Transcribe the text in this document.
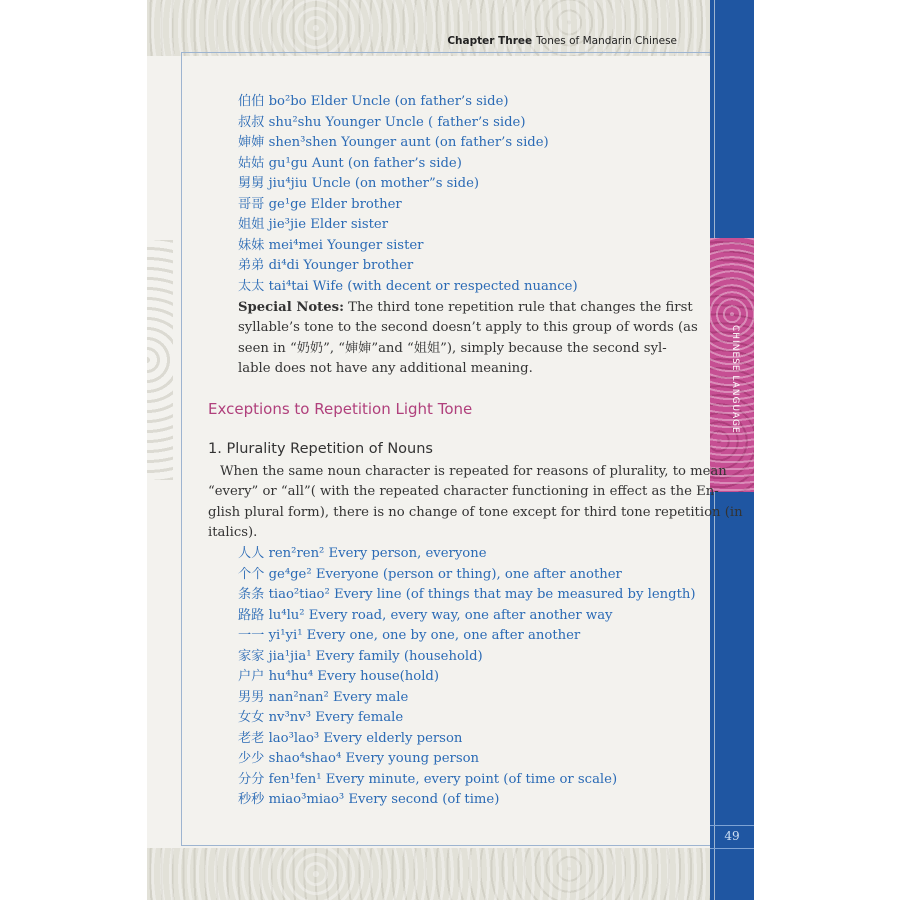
Chapter Three Tones of Mandarin Chinese
CHINESE LANGUAGE
49
伯伯 bo²bo Elder Uncle (on father’s side)
叔叔 shu²shu Younger Uncle ( father’s side)
婶婶 shen³shen Younger aunt (on father’s side)
姑姑 gu¹gu Aunt (on father’s side)
舅舅 jiu⁴jiu Uncle (on mother”s side)
哥哥 ge¹ge Elder brother
姐姐 jie³jie Elder sister
妹妹 mei⁴mei Younger sister
弟弟 di⁴di Younger brother
太太 tai⁴tai Wife (with decent or respected nuance)
Special Notes: The third tone repetition rule that changes the first
syllable’s tone to the second doesn’t apply to this group of words (as
seen in “奶奶”, “婶婶”and “姐姐”), simply because the second syl-
lable does not have any additional meaning.
Exceptions to Repetition Light Tone
1. Plurality Repetition of Nouns
When the same noun character is repeated for reasons of plurality, to mean
“every” or “all”( with the repeated character functioning in effect as the En-
glish plural form), there is no change of tone except for third tone repetition (in
italics).
人人 ren²ren² Every person, everyone
个个 ge⁴ge² Everyone (person or thing), one after another
条条 tiao²tiao² Every line (of things that may be measured by length)
路路 lu⁴lu² Every road, every way, one after another way
一一 yi¹yi¹ Every one, one by one, one after another
家家 jia¹jia¹ Every family (household)
户户 hu⁴hu⁴ Every house(hold)
男男 nan²nan² Every male
女女 nv³nv³ Every female
老老 lao³lao³ Every elderly person
少少 shao⁴shao⁴ Every young person
分分 fen¹fen¹ Every minute, every point (of time or scale)
秒秒 miao³miao³ Every second (of time)
